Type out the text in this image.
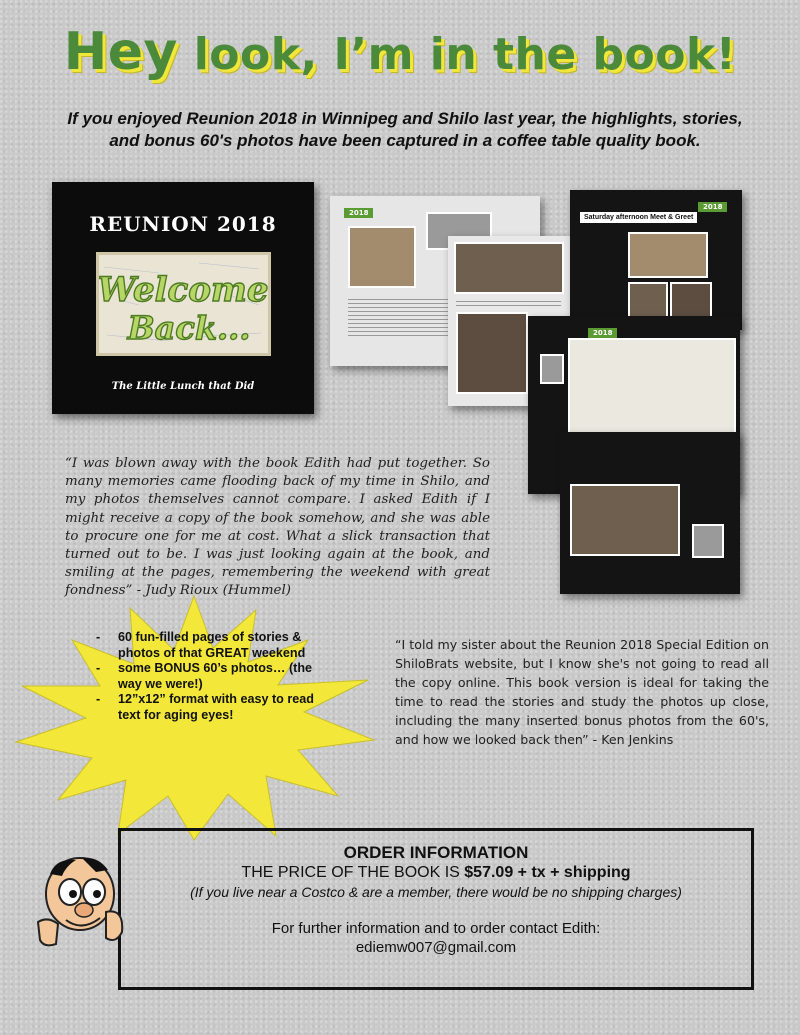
Hey look, I’m in the book!
If you enjoyed Reunion 2018 in Winnipeg and Shilo last year, the highlights, stories, and bonus 60's photos have been captured in a coffee table quality book.
REUNION 2018
Welcome
Back...
The Little Lunch that Did
2018
Saturday afternoon Meet & Greet
2018
2018
“I was blown away with the book Edith had put together. So many memories came flooding back of my time in Shilo, and my photos themselves cannot compare. I asked Edith if I might receive a copy of the book somehow, and she was able to procure one for me at cost. What a slick transaction that turned out to be. I was just looking again at the book, and smiling at the pages, remembering the weekend with great fondness” - Judy Rioux (Hummel)
- 60 fun-filled pages of stories & photos of that GREAT weekend
- some BONUS 60’s photos… (the way we were!)
- 12”x12” format with easy to read text for aging eyes!
“I told my sister about the Reunion 2018 Special Edition on ShiloBrats website, but I know she's not going to read all the copy online. This book version is ideal for taking the time to read the stories and study the photos up close, including the many inserted bonus photos from the 60's, and how we looked back then” - Ken Jenkins
ORDER INFORMATION
THE PRICE OF THE BOOK IS $57.09 + tx + shipping
(If you live near a Costco & are a member, there would be no shipping charges)
For further information and to order contact Edith:
ediemw007@gmail.com
